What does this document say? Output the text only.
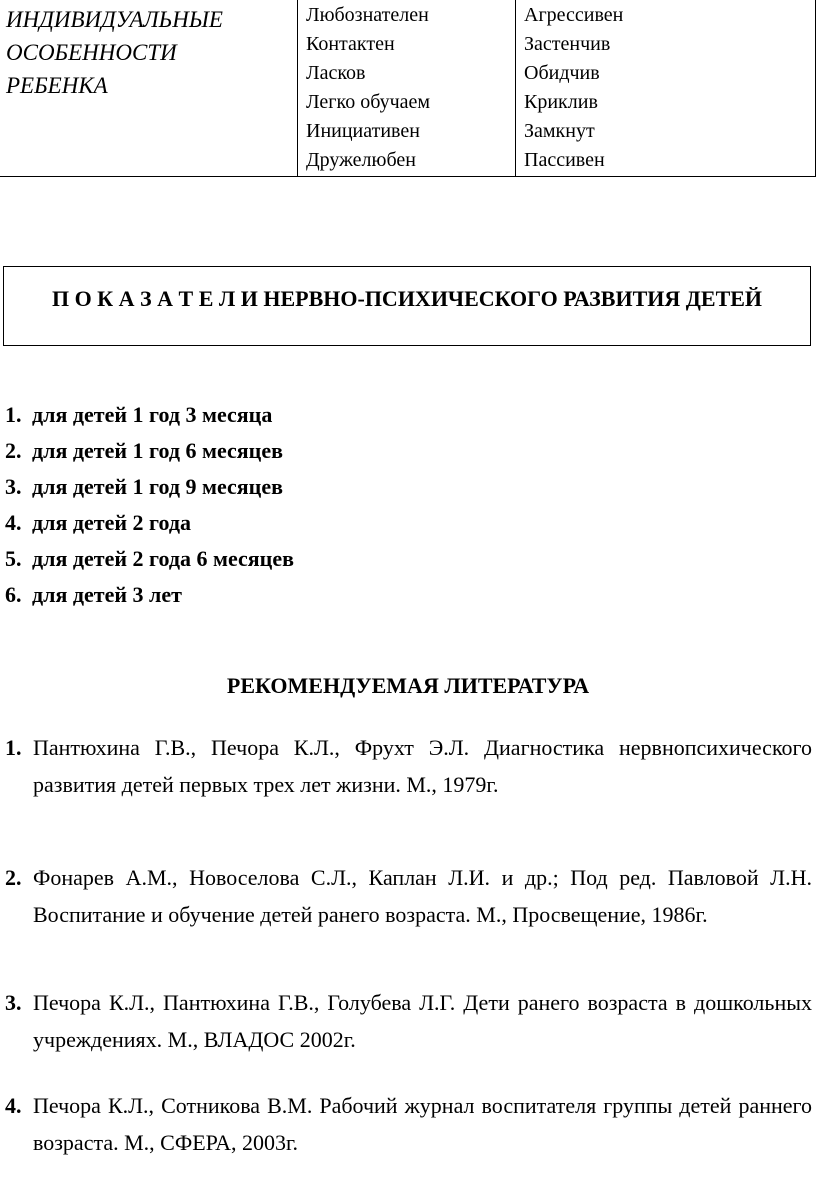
ИНДИВИДУАЛЬНЫЕ
ОСОБЕННОСТИ
РЕБЕНКА

Любознателен
Контактен
Ласков
Легко обучаем
Инициативен
Дружелюбен

Агрессивен
Застенчив
Обидчив
Криклив
Замкнут
Пассивен
П О К А З А Т Е Л И НЕРВНО-ПСИХИЧЕСКОГО РАЗВИТИЯ ДЕТЕЙ
1. для детей 1 год 3 месяца
2. для детей 1 год 6 месяцев
3. для детей 1 год 9 месяцев
4. для детей 2 года
5. для детей 2 года 6 месяцев
6. для детей 3 лет
РЕКОМЕНДУЕМАЯ ЛИТЕРАТУРА
1. Пантюхина Г.В., Печора К.Л., Фрухт Э.Л. Диагностика нервнопсихического развития детей первых трех лет жизни. М., 1979г.
2. Фонарев А.М., Новоселова С.Л., Каплан Л.И. и др.; Под ред. Павловой Л.Н. Воспитание и обучение детей ранего возраста. М., Просвещение, 1986г.
3. Печора К.Л., Пантюхина Г.В., Голубева Л.Г. Дети ранего возраста в дошкольных учреждениях. М., ВЛАДОС 2002г.
4. Печора К.Л., Сотникова В.М. Рабочий журнал воспитателя группы детей раннего возраста. М., СФЕРА, 2003г.
